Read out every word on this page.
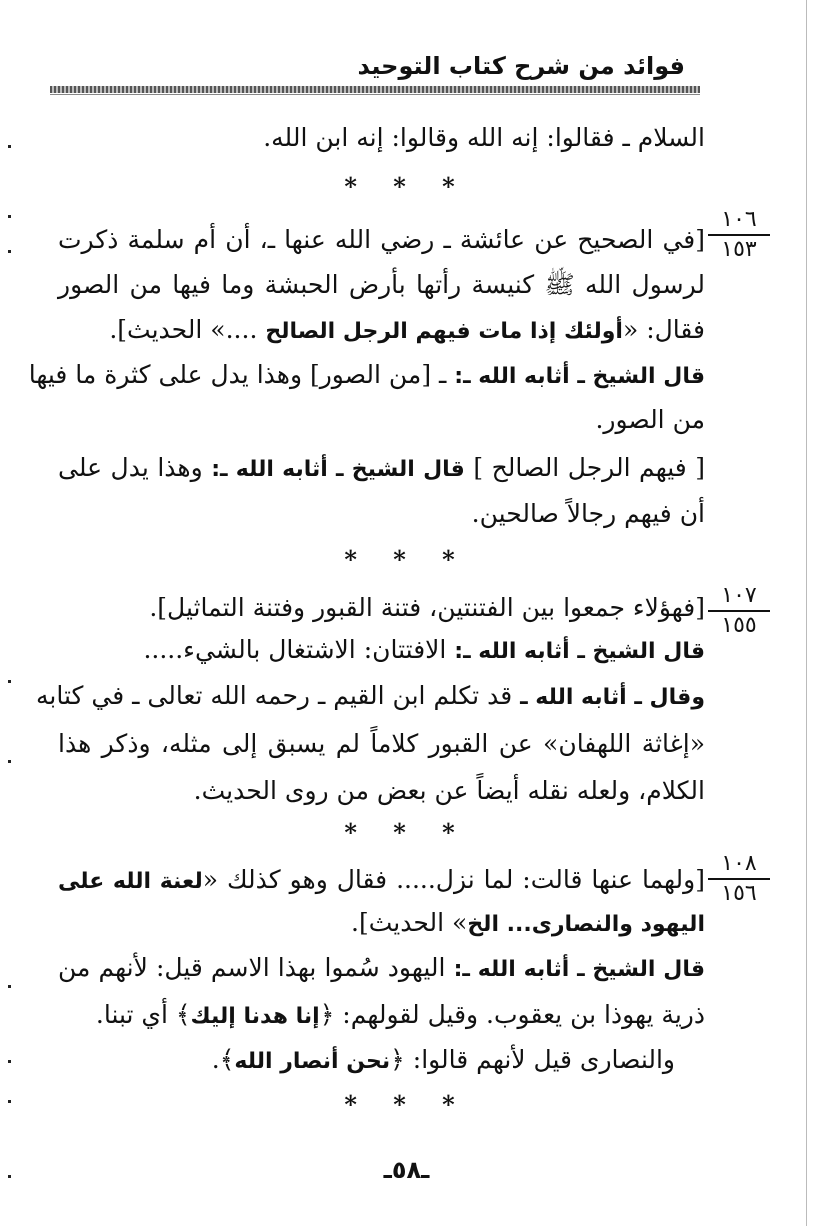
فوائد من شرح كتاب التوحيد
السلام ـ فقالوا: إنه الله وقالوا: إنه ابن الله.
* * *
١٠٦
١٥٣
[في الصحيح عن عائشة ـ رضي الله عنها ـ، أن أم سلمة ذكرت
لرسول الله ﷺ كنيسة رأتها بأرض الحبشة وما فيها من الصور
فقال: «أولئك إذا مات فيهم الرجل الصالح ....» الحديث].
قال الشيخ ـ أثابه الله ـ: ـ [من الصور] وهذا يدل على كثرة ما فيها
من الصور.
[ فيهم الرجل الصالح ] قال الشيخ ـ أثابه الله ـ: وهذا يدل على
أن فيهم رجالاً صالحين.
* * *
١٠٧
١٥٥
[فهؤلاء جمعوا بين الفتنتين، فتنة القبور وفتنة التماثيل].
قال الشيخ ـ أثابه الله ـ: الافتتان: الاشتغال بالشيء.....
وقال ـ أثابه الله ـ قد تكلم ابن القيم ـ رحمه الله تعالى ـ في كتابه
«إغاثة اللهفان» عن القبور كلاماً لم يسبق إلى مثله، وذكر هذا
الكلام، ولعله نقله أيضاً عن بعض من روى الحديث.
* * *
١٠٨
١٥٦
[ولهما عنها قالت: لما نزل..... فقال وهو كذلك «لعنة الله على
اليهود والنصارى... الخ» الحديث].
قال الشيخ ـ أثابه الله ـ: اليهود سُموا بهذا الاسم قيل: لأنهم من
ذرية يهوذا بن يعقوب. وقيل لقولهم: ﴿إنا هدنا إليك﴾ أي تبنا.
والنصارى قيل لأنهم قالوا: ﴿نحن أنصار الله﴾.
* * *
ـ٥٨ـ
